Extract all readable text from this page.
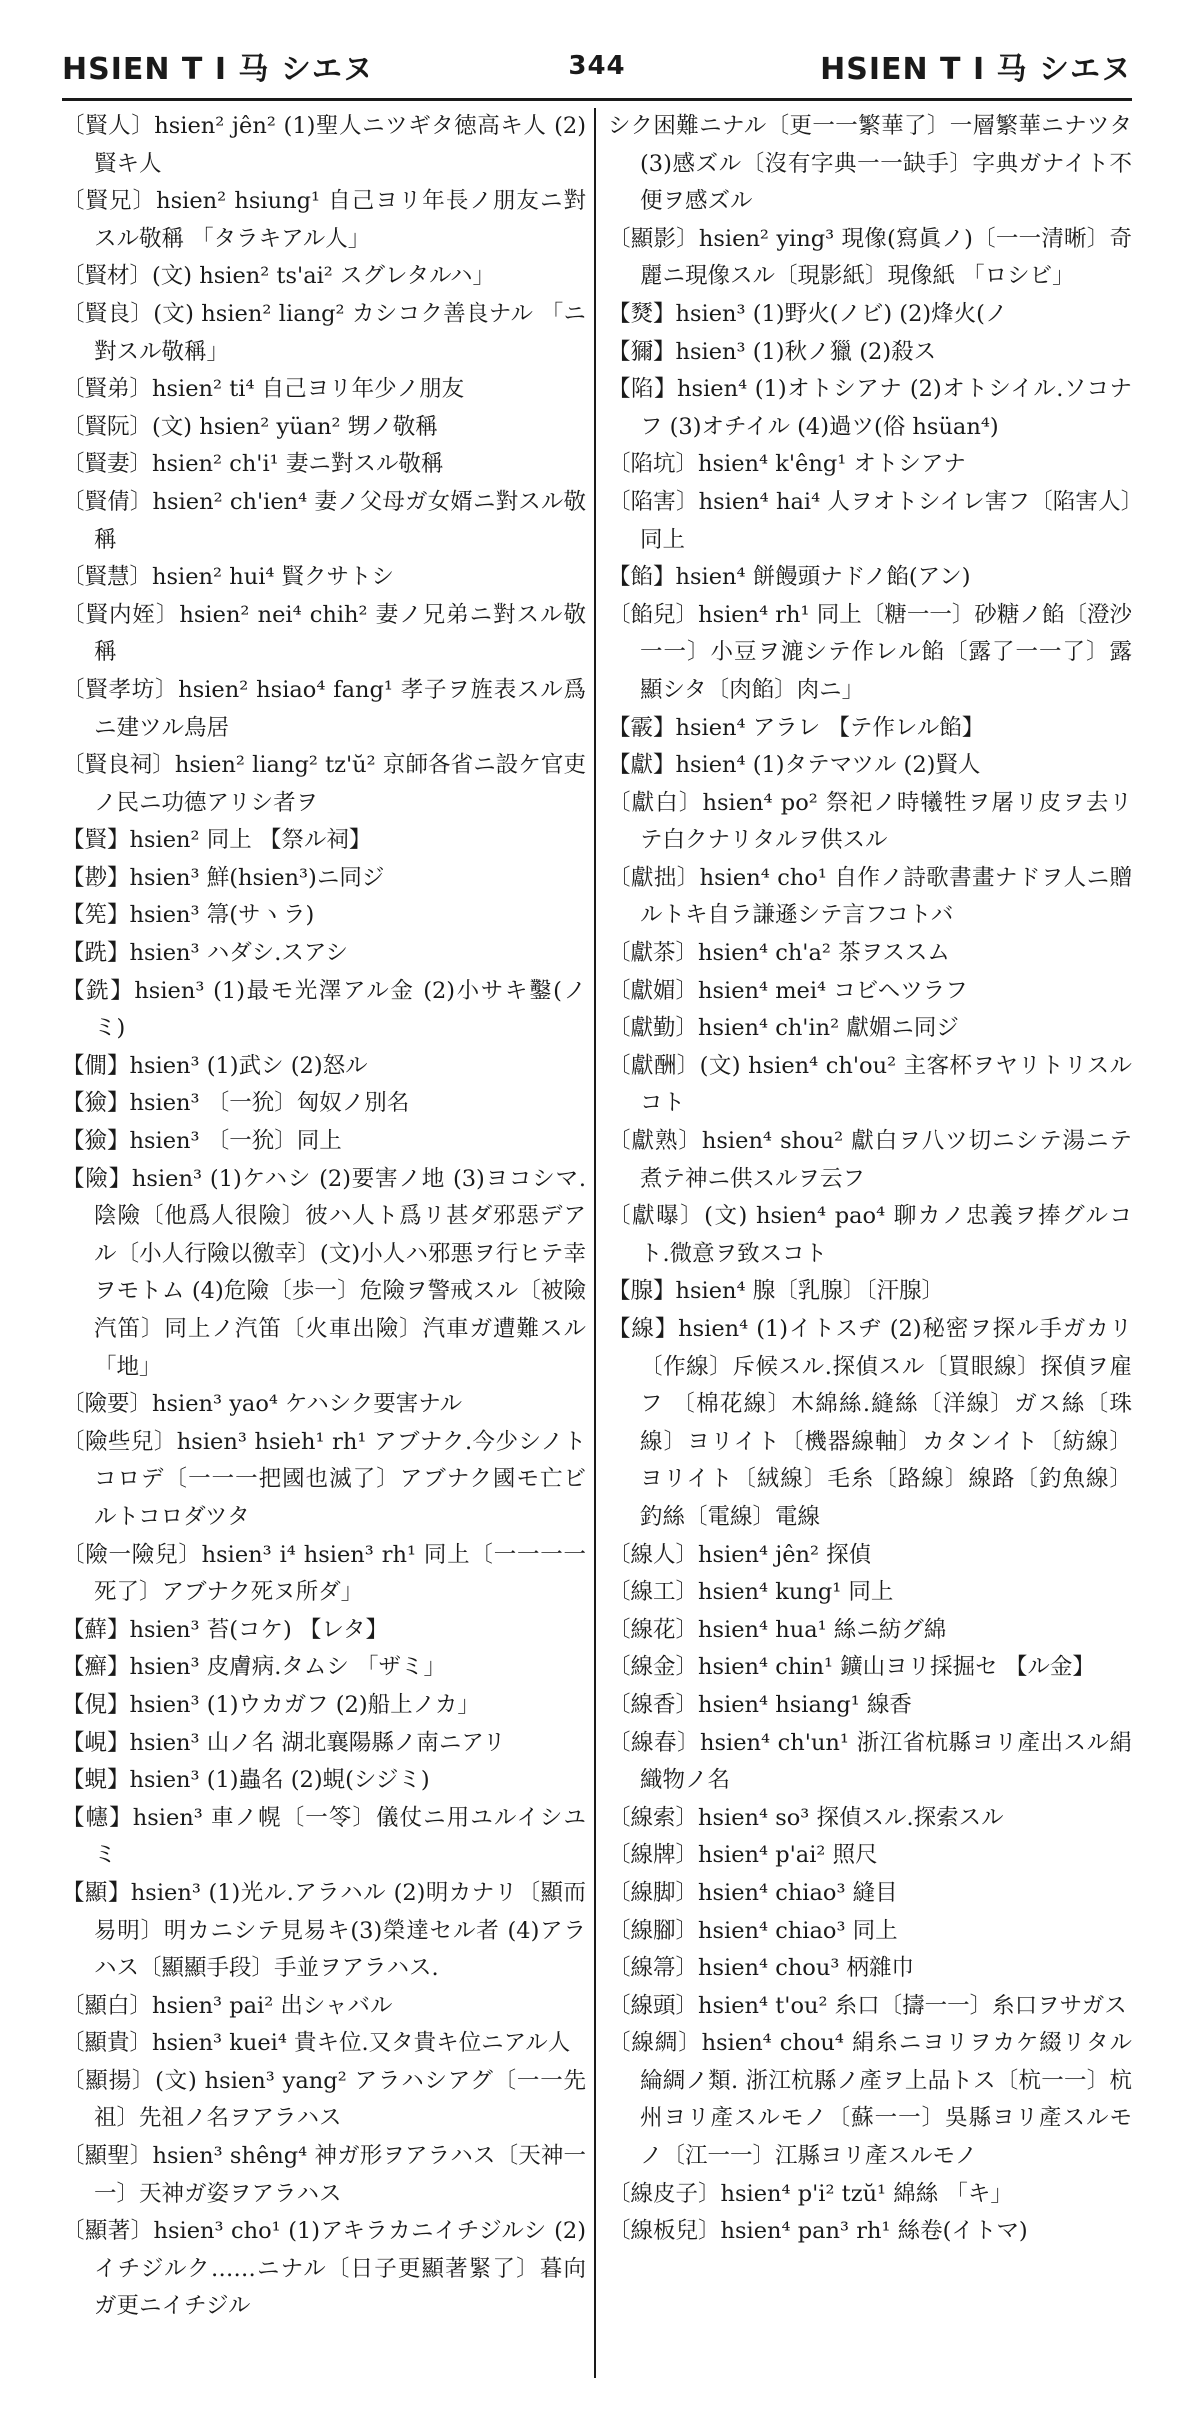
HSIEN T I 马 シエヌ	344	HSIEN T I 马 シエヌ

〔賢人〕hsien² jên² (1)聖人ニツギタ徳高キ人 (2)賢キ人

〔賢兄〕hsien² hsiung¹ 自己ヨリ年長ノ朋友ニ對スル敬稱 「タラキアル人」

〔賢材〕(文) hsien² ts'ai² スグレタルハ」

〔賢良〕(文) hsien² liang² カシコク善良ナル 「ニ對スル敬稱」

〔賢弟〕hsien² ti⁴ 自己ヨリ年少ノ朋友

〔賢阮〕(文) hsien² yüan² 甥ノ敬稱

〔賢妻〕hsien² ch'i¹ 妻ニ對スル敬稱

〔賢倩〕hsien² ch'ien⁴ 妻ノ父母ガ女婿ニ對スル敬稱

〔賢慧〕hsien² hui⁴ 賢クサトシ

〔賢内姪〕hsien² nei⁴ chih² 妻ノ兄弟ニ對スル敬稱

〔賢孝坊〕hsien² hsiao⁴ fang¹ 孝子ヲ旌表スル爲ニ建ツル鳥居

〔賢良祠〕hsien² liang² tz'ŭ² 京師各省ニ設ケ官吏ノ民ニ功德アリシ者ヲ

【賢】hsien² 同上 【祭ル祠】

【尠】hsien³ 鮮(hsien³)ニ同ジ

【筅】hsien³ 箒(サヽラ)

【跣】hsien³ ハダシ.スアシ

【銑】hsien³ (1)最モ光澤アル金 (2)小サキ鑿(ノミ)

【僩】hsien³ (1)武シ (2)怒ル

【獫】hsien³ 〔一狁〕匈奴ノ別名

【獫】hsien³ 〔一狁〕同上

【險】hsien³ (1)ケハシ (2)要害ノ地 (3)ヨコシマ.陰險〔他爲人很險〕彼ハ人ト爲リ甚ダ邪惡デアル〔小人行險以徼幸〕(文)小人ハ邪悪ヲ行ヒテ幸ヲモトム (4)危險〔歩一〕危險ヲ警戒スル〔被險汽笛〕同上ノ汽笛〔火車出險〕汽車ガ遭難スル 「地」

〔險要〕hsien³ yao⁴ ケハシク要害ナル

〔險些兒〕hsien³ hsieh¹ rh¹ アブナク.今少シノトコロデ〔一一一把國也滅了〕アブナク國モ亡ビルトコロダツタ

〔險一險兒〕hsien³ i⁴ hsien³ rh¹ 同上〔一一一一死了〕アブナク死ヌ所ダ」

【蘚】hsien³ 苔(コケ) 【レタ】

【癬】hsien³ 皮膚病.タムシ 「ザミ」

【俔】hsien³ (1)ウカガフ (2)船上ノカ」

【峴】hsien³ 山ノ名 湖北襄陽縣ノ南ニアリ

【蜆】hsien³ (1)蟲名 (2)蜆(シジミ)

【幰】hsien³ 車ノ幌〔一笭〕儀仗ニ用ユルイシユミ

【顯】hsien³ (1)光ル.アラハル (2)明カナリ〔顯而易明〕明カニシテ見易キ(3)榮達セル者 (4)アラハス〔顯顯手段〕手並ヲアラハス.

〔顯白〕hsien³ pai² 出シャバル

〔顯貴〕hsien³ kuei⁴ 貴キ位.又タ貴キ位ニアル人

〔顯揚〕(文) hsien³ yang² アラハシアグ〔一一先祖〕先祖ノ名ヲアラハス

〔顯聖〕hsien³ shêng⁴ 神ガ形ヲアラハス〔天神一一〕天神ガ姿ヲアラハス

〔顯著〕hsien³ cho¹ (1)アキラカニイチジルシ (2)イチジルク……ニナル〔日子更顯著緊了〕暮向ガ更ニイチジル

シク困難ニナル〔更一一繁華了〕一層繁華ニナツタ (3)感ズル〔沒有字典一一缺手〕字典ガナイト不便ヲ感ズル

〔顯影〕hsien² ying³ 現像(寫眞ノ)〔一一清晰〕奇麗ニ現像スル〔現影紙〕現像紙 「ロシビ」

【燹】hsien³ (1)野火(ノビ) (2)烽火(ノ

【獮】hsien³ (1)秋ノ獵 (2)殺ス

【陷】hsien⁴ (1)オトシアナ (2)オトシイル.ソコナフ (3)オチイル (4)過ツ(俗 hsüan⁴)

〔陷坑〕hsien⁴ k'êng¹ オトシアナ

〔陷害〕hsien⁴ hai⁴ 人ヲオトシイレ害フ〔陷害人〕同上

【餡】hsien⁴ 餅饅頭ナドノ餡(アン)

〔餡兒〕hsien⁴ rh¹ 同上〔糖一一〕砂糖ノ餡〔澄沙一一〕小豆ヲ漉シテ作レル餡〔露了一一了〕露顯シタ〔肉餡〕肉ニ」

【霰】hsien⁴ アラレ 【テ作レル餡】

【獻】hsien⁴ (1)タテマツル (2)賢人

〔獻白〕hsien⁴ po² 祭祀ノ時犧牲ヲ屠リ皮ヲ去リテ白クナリタルヲ供スル

〔獻拙〕hsien⁴ cho¹ 自作ノ詩歌書畫ナドヲ人ニ贈ルトキ自ラ謙遜シテ言フコトバ

〔獻茶〕hsien⁴ ch'a² 茶ヲススム

〔獻媚〕hsien⁴ mei⁴ コビヘツラフ

〔獻勤〕hsien⁴ ch'in² 獻媚ニ同ジ

〔獻酬〕(文) hsien⁴ ch'ou² 主客杯ヲヤリトリスルコト

〔獻熟〕hsien⁴ shou² 獻白ヲ八ツ切ニシテ湯ニテ煮テ神ニ供スルヲ云フ

〔獻曝〕(文) hsien⁴ pao⁴ 聊カノ忠義ヲ捧グルコト.微意ヲ致スコト

【腺】hsien⁴ 腺〔乳腺〕〔汗腺〕

【線】hsien⁴ (1)イトスヂ (2)秘密ヲ探ル手ガカリ〔作線〕斥候スル.探偵スル〔買眼線〕探偵ヲ雇フ 〔棉花線〕木綿絲.縫絲〔洋線〕ガス絲〔珠線〕ヨリイト〔機器線軸〕カタンイト〔紡線〕ヨリイト〔絨線〕毛糸〔路線〕線路〔釣魚線〕釣絲〔電線〕電線

〔線人〕hsien⁴ jên² 探偵

〔線工〕hsien⁴ kung¹ 同上

〔線花〕hsien⁴ hua¹ 絲ニ紡グ綿

〔線金〕hsien⁴ chin¹ 鑛山ヨリ採掘セ 【ル金】

〔線香〕hsien⁴ hsiang¹ 線香

〔線春〕hsien⁴ ch'un¹ 浙江省杭縣ヨリ產出スル絹織物ノ名

〔線索〕hsien⁴ so³ 探偵スル.探索スル

〔線牌〕hsien⁴ p'ai² 照尺

〔線脚〕hsien⁴ chiao³ 縫目

〔線腳〕hsien⁴ chiao³ 同上

〔線箒〕hsien⁴ chou³ 柄雜巾

〔線頭〕hsien⁴ t'ou² 糸口〔擣一一〕糸口ヲサガス

〔線綢〕hsien⁴ chou⁴ 絹糸ニヨリヲカケ綴リタル綸綢ノ類. 浙江杭縣ノ產ヲ上品トス〔杭一一〕杭州ヨリ產スルモノ〔蘇一一〕吳縣ヨリ產スルモノ〔江一一〕江縣ヨリ產スルモノ

〔線皮子〕hsien⁴ p'i² tzŭ¹ 綿絲 「キ」

〔線板兒〕hsien⁴ pan³ rh¹ 絲卷(イトマ)
